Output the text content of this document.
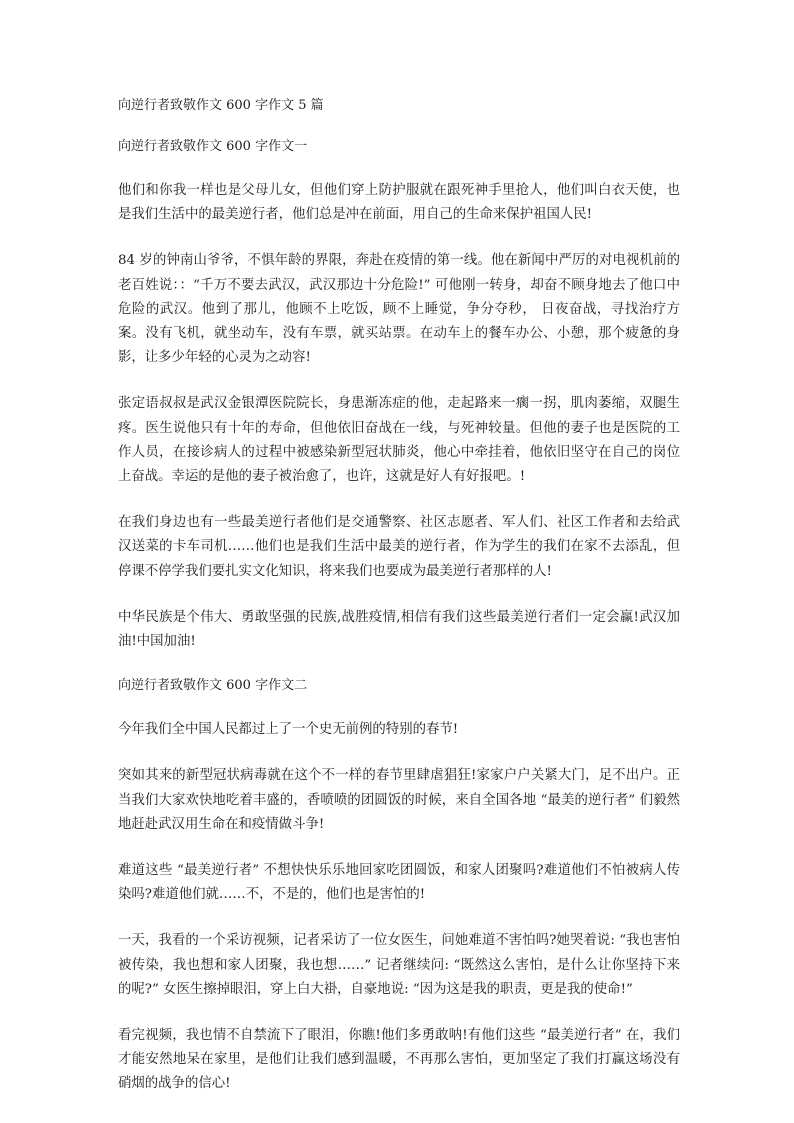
向逆行者致敬作文 600 字作文 5 篇
向逆行者致敬作文 600 字作文一

他们和你我一样也是父母儿女，但他们穿上防护服就在跟死神手里抢人，他们叫白衣天使，也是我们生活中的最美逆行者，他们总是冲在前面，用自己的生命来保护祖国人民!

84 岁的钟南山爷爷，不惧年龄的界限，奔赴在疫情的第一线。他在新闻中严厉的对电视机前的老百姓说：：“千万不要去武汉，武汉那边十分危险!” 可他刚一转身，却奋不顾身地去了他口中危险的武汉。他到了那儿，他顾不上吃饭，顾不上睡觉，争分夺秒， 日夜奋战，寻找治疗方案。没有飞机，就坐动车，没有车票，就买站票。在动车上的餐车办公、小憩，那个疲惫的身影，让多少年轻的心灵为之动容!

张定语叔叔是武汉金银潭医院院长，身患渐冻症的他，走起路来一瘸一拐，肌肉萎缩，双腿生疼。医生说他只有十年的寿命，但他依旧奋战在一线，与死神较量。但他的妻子也是医院的工作人员，在接诊病人的过程中被感染新型冠状肺炎，他心中牵挂着，他依旧坚守在自己的岗位上奋战。幸运的是他的妻子被治愈了，也许，这就是好人有好报吧。!

在我们身边也有一些最美逆行者他们是交通警察、社区志愿者、军人们、社区工作者和去给武汉送菜的卡车司机……他们也是我们生活中最美的逆行者，作为学生的我们在家不去添乱，但停课不停学我们要扎实文化知识，将来我们也要成为最美逆行者那样的人!

中华民族是个伟大、勇敢坚强的民族,战胜疫情,相信有我们这些最美逆行者们一定会赢!武汉加油!中国加油!

向逆行者致敬作文 600 字作文二

今年我们全中国人民都过上了一个史无前例的特别的春节!

突如其来的新型冠状病毒就在这个不一样的春节里肆虐猖狂!家家户户关紧大门，足不出户。正当我们大家欢快地吃着丰盛的，香喷喷的团圆饭的时候，来自全国各地 “最美的逆行者” 们毅然地赶赴武汉用生命在和疫情做斗争!

难道这些 “最美逆行者” 不想快快乐乐地回家吃团圆饭，和家人团聚吗?难道他们不怕被病人传染吗?难道他们就……不，不是的，他们也是害怕的!

一天，我看的一个采访视频，记者采访了一位女医生，问她难道不害怕吗?她哭着说: “我也害怕被传染，我也想和家人团聚，我也想……” 记者继续问: “既然这么害怕，是什么让你坚持下来的呢?” 女医生擦掉眼泪，穿上白大褂，自豪地说: “因为这是我的职责，更是我的使命!”

看完视频，我也情不自禁流下了眼泪，你瞧!他们多勇敢呐!有他们这些 “最美逆行者” 在，我们才能安然地呆在家里，是他们让我们感到温暖，不再那么害怕，更加坚定了我们打赢这场没有硝烟的战争的信心!
